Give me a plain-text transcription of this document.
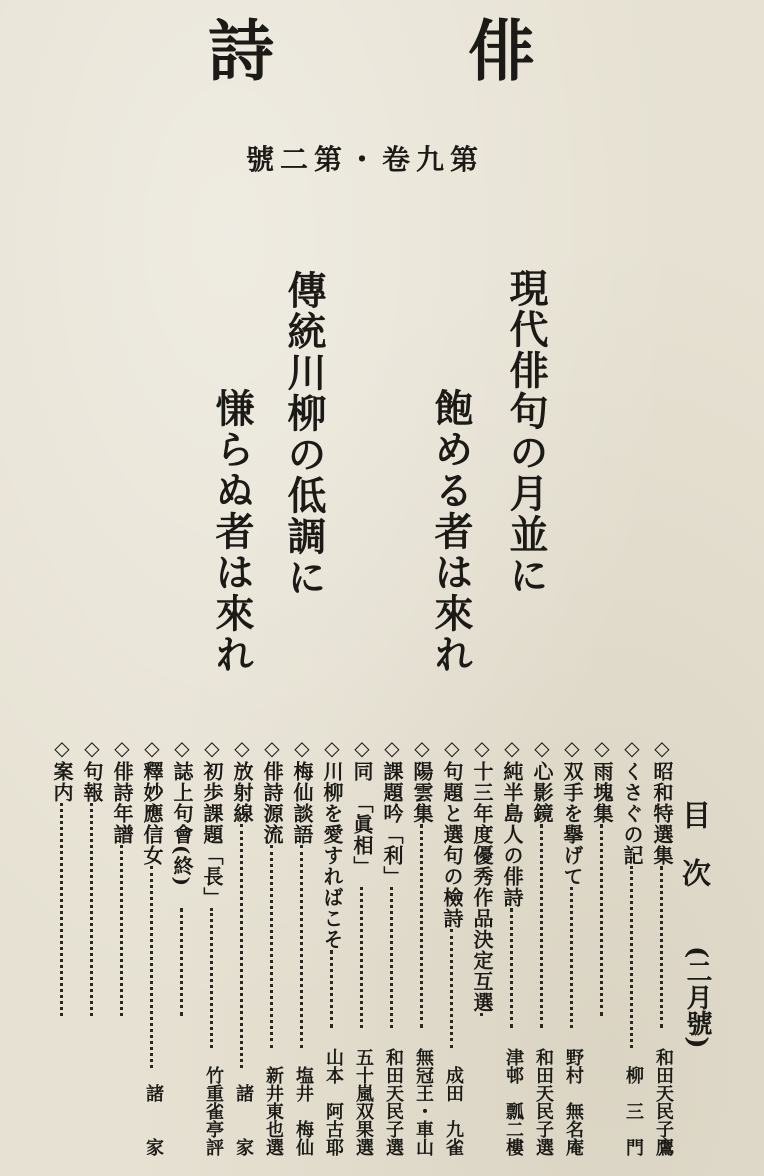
詩	俳
號二第・卷九第
現代俳句の月並に
飽める者は來れ
傳統川柳の低調に
慊らぬ者は來れ
目　次
(二月號)
◇昭和特選集
和田天民子鷹
◇くさぐの記
柳　三　門
◇雨塊集
◇双手を擧げて
野村　無名庵
◇心影鏡
和田天民子選
◇純半島人の俳詩
津邨　瓢二樓
◇十三年度優秀作品決定互選
◇句題と選句の檢詩
成田　九雀
◇陽雲集
無冠王・車山
◇課題吟「利」
和田天民子選
◇同　「眞相」
五十嵐双果選
◇川柳を愛すればこそ
山本　阿古耶
◇梅仙談語
塩井　梅仙
◇俳詩源流
新井東也選
◇放射線
諸　　家
◇初歩課題「長」
竹重雀亭評
◇誌上句會(終)
◇釋妙應信女
諸　　家
◇俳詩年譜
◇句報
◇案内
